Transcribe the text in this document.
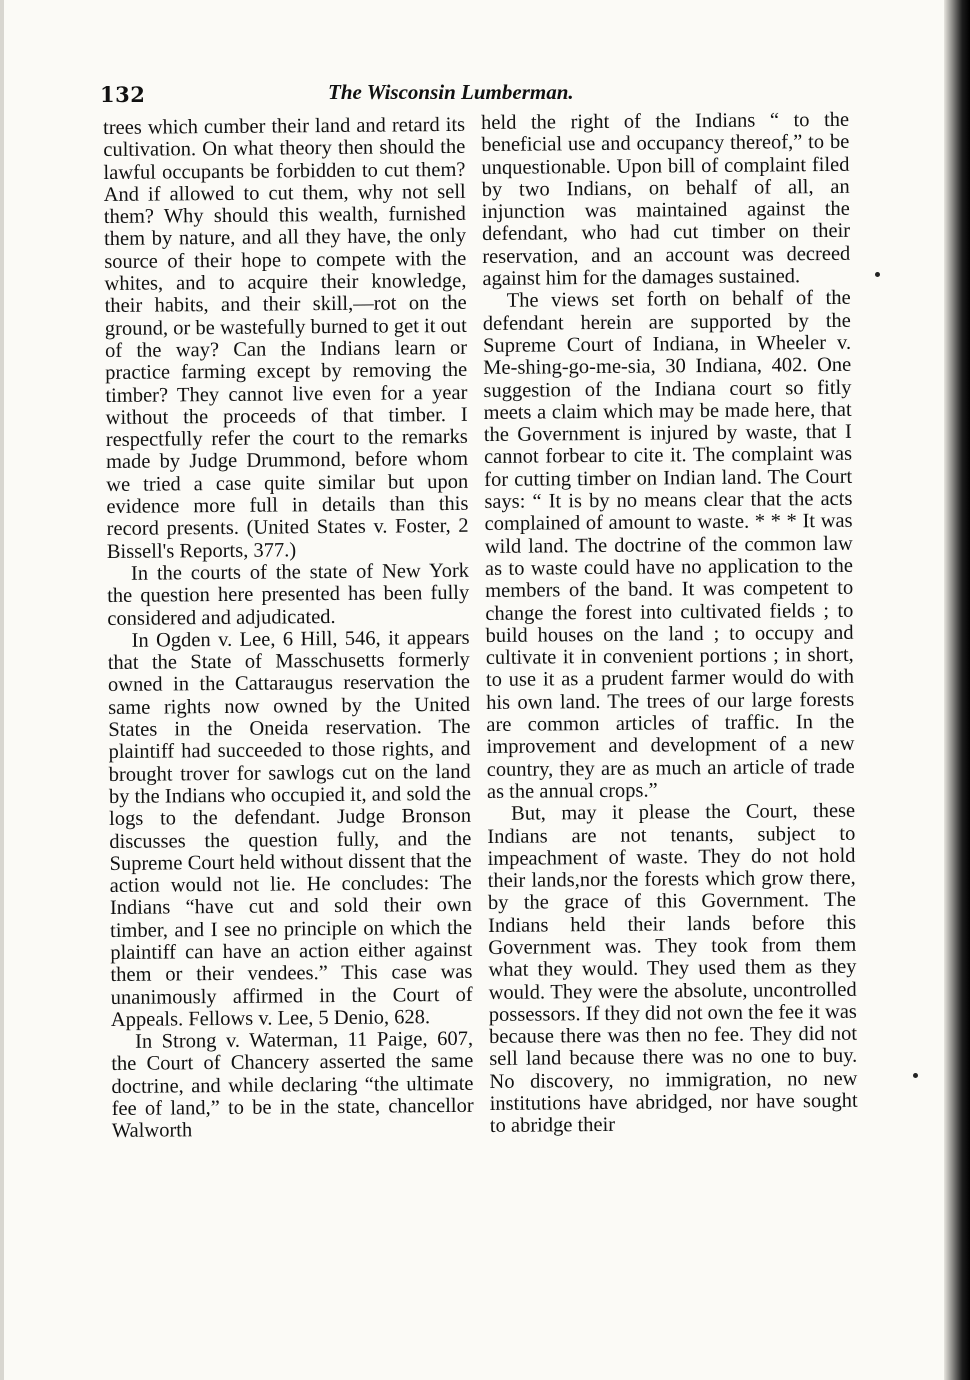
132	The Wisconsin Lumberman.

trees which cumber their land and retard its cultivation. On what theory then should the lawful occupants be forbidden to cut them? And if allowed to cut them, why not sell them? Why should this wealth, furnished them by nature, and all they have, the only source of their hope to compete with the whites, and to acquire their knowledge, their habits, and their skill,—rot on the ground, or be wastefully burned to get it out of the way? Can the Indians learn or practice farming except by removing the timber? They cannot live even for a year without the proceeds of that timber. I respectfully refer the court to the remarks made by Judge Drummond, before whom we tried a case quite similar but upon evidence more full in details than this record presents. (United States v. Foster, 2 Bissell's Reports, 377.)

In the courts of the state of New York the question here presented has been fully considered and adjudicated.

In Ogden v. Lee, 6 Hill, 546, it appears that the State of Masschusetts formerly owned in the Cattaraugus reservation the same rights now owned by the United States in the Oneida reservation. The plaintiff had succeeded to those rights, and brought trover for sawlogs cut on the land by the Indians who occupied it, and sold the logs to the defendant. Judge Bronson discusses the question fully, and the Supreme Court held without dissent that the action would not lie. He concludes: The Indians “have cut and sold their own timber, and I see no principle on which the plaintiff can have an action either against them or their vendees.” This case was unanimously affirmed in the Court of Appeals. Fellows v. Lee, 5 Denio, 628.

In Strong v. Waterman, 11 Paige, 607, the Court of Chancery asserted the same doctrine, and while declaring “the ultimate fee of land,” to be in the state, chancellor Walworth

held the right of the Indians “ to the beneficial use and occupancy thereof,” to be unquestionable. Upon bill of complaint filed by two Indians, on behalf of all, an injunction was maintained against the defendant, who had cut timber on their reservation, and an account was decreed against him for the damages sustained.

The views set forth on behalf of the defendant herein are supported by the Supreme Court of Indiana, in Wheeler v. Me-shing-go-me-sia, 30 Indiana, 402. One suggestion of the Indiana court so fitly meets a claim which may be made here, that the Government is injured by waste, that I cannot forbear to cite it. The complaint was for cutting timber on Indian land. The Court says: “ It is by no means clear that the acts complained of amount to waste. * * * It was wild land. The doctrine of the common law as to waste could have no application to the members of the band. It was competent to change the forest into cultivated fields ; to build houses on the land ; to occupy and cultivate it in convenient portions ; in short, to use it as a prudent farmer would do with his own land. The trees of our large forests are common articles of traffic. In the improvement and development of a new country, they are as much an article of trade as the annual crops.”

But, may it please the Court, these Indians are not tenants, subject to impeachment of waste. They do not hold their lands,nor the forests which grow there, by the grace of this Government. The Indians held their lands before this Government was. They took from them what they would. They used them as they would. They were the absolute, uncontrolled possessors. If they did not own the fee it was because there was then no fee. They did not sell land because there was no one to buy. No discovery, no immigration, no new institutions have abridged, nor have sought to abridge their
